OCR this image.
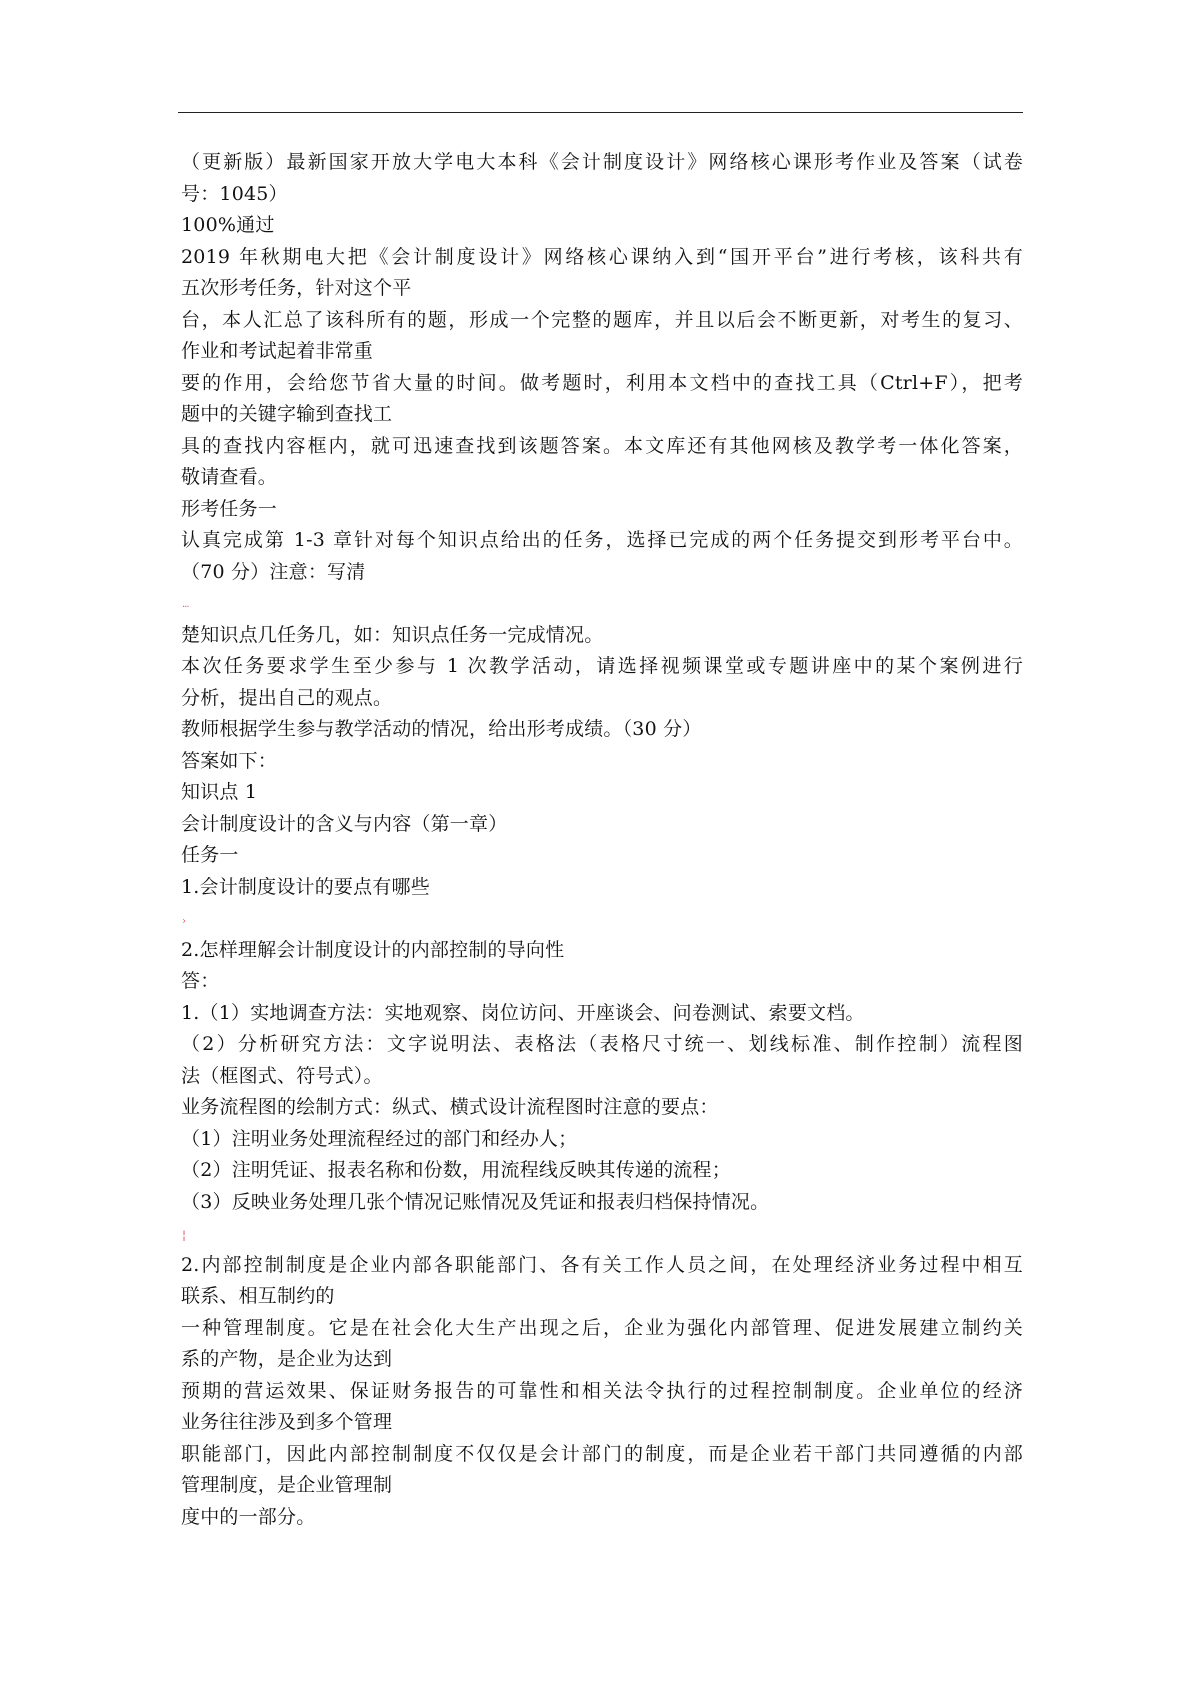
（更新版）最新国家开放大学电大本科《会计制度设计》网络核心课形考作业及答案（试卷
号：1045）
100%通过
2019 年秋期电大把《会计制度设计》网络核心课纳入到“国开平台”进行考核，该科共有
五次形考任务，针对这个平
台，本人汇总了该科所有的题，形成一个完整的题库，并且以后会不断更新，对考生的复习、
作业和考试起着非常重
要的作用，会给您节省大量的时间。做考题时，利用本文档中的查找工具（Ctrl+F），把考
题中的关键字输到查找工
具的查找内容框内，就可迅速查找到该题答案。本文库还有其他网核及教学考一体化答案，
敬请查看。
形考任务一
认真完成第 1-3 章针对每个知识点给出的任务，选择已完成的两个任务提交到形考平台中。
（70 分）注意：写清
...
楚知识点几任务几，如：知识点任务一完成情况。
本次任务要求学生至少参与 1 次教学活动，请选择视频课堂或专题讲座中的某个案例进行
分析，提出自己的观点。
教师根据学生参与教学活动的情况，给出形考成绩。（30 分）
答案如下：
知识点 1
会计制度设计的含义与内容（第一章）
任务一
1.会计制度设计的要点有哪些
›
2.怎样理解会计制度设计的内部控制的导向性
答：
1.（1）实地调查方法：实地观察、岗位访问、开座谈会、问卷测试、索要文档。
（2）分析研究方法：文字说明法、表格法（表格尺寸统一、划线标准、制作控制）流程图
法（框图式、符号式）。
业务流程图的绘制方式：纵式、横式设计流程图时注意的要点：
（1）注明业务处理流程经过的部门和经办人；
（2）注明凭证、报表名称和份数，用流程线反映其传递的流程；
（3）反映业务处理几张个情况记账情况及凭证和报表归档保持情况。
¦
2.内部控制制度是企业内部各职能部门、各有关工作人员之间，在处理经济业务过程中相互
联系、相互制约的
一种管理制度。它是在社会化大生产出现之后，企业为强化内部管理、促进发展建立制约关
系的产物，是企业为达到
预期的营运效果、保证财务报告的可靠性和相关法令执行的过程控制制度。企业单位的经济
业务往往涉及到多个管理
职能部门，因此内部控制制度不仅仅是会计部门的制度，而是企业若干部门共同遵循的内部
管理制度，是企业管理制
度中的一部分。
